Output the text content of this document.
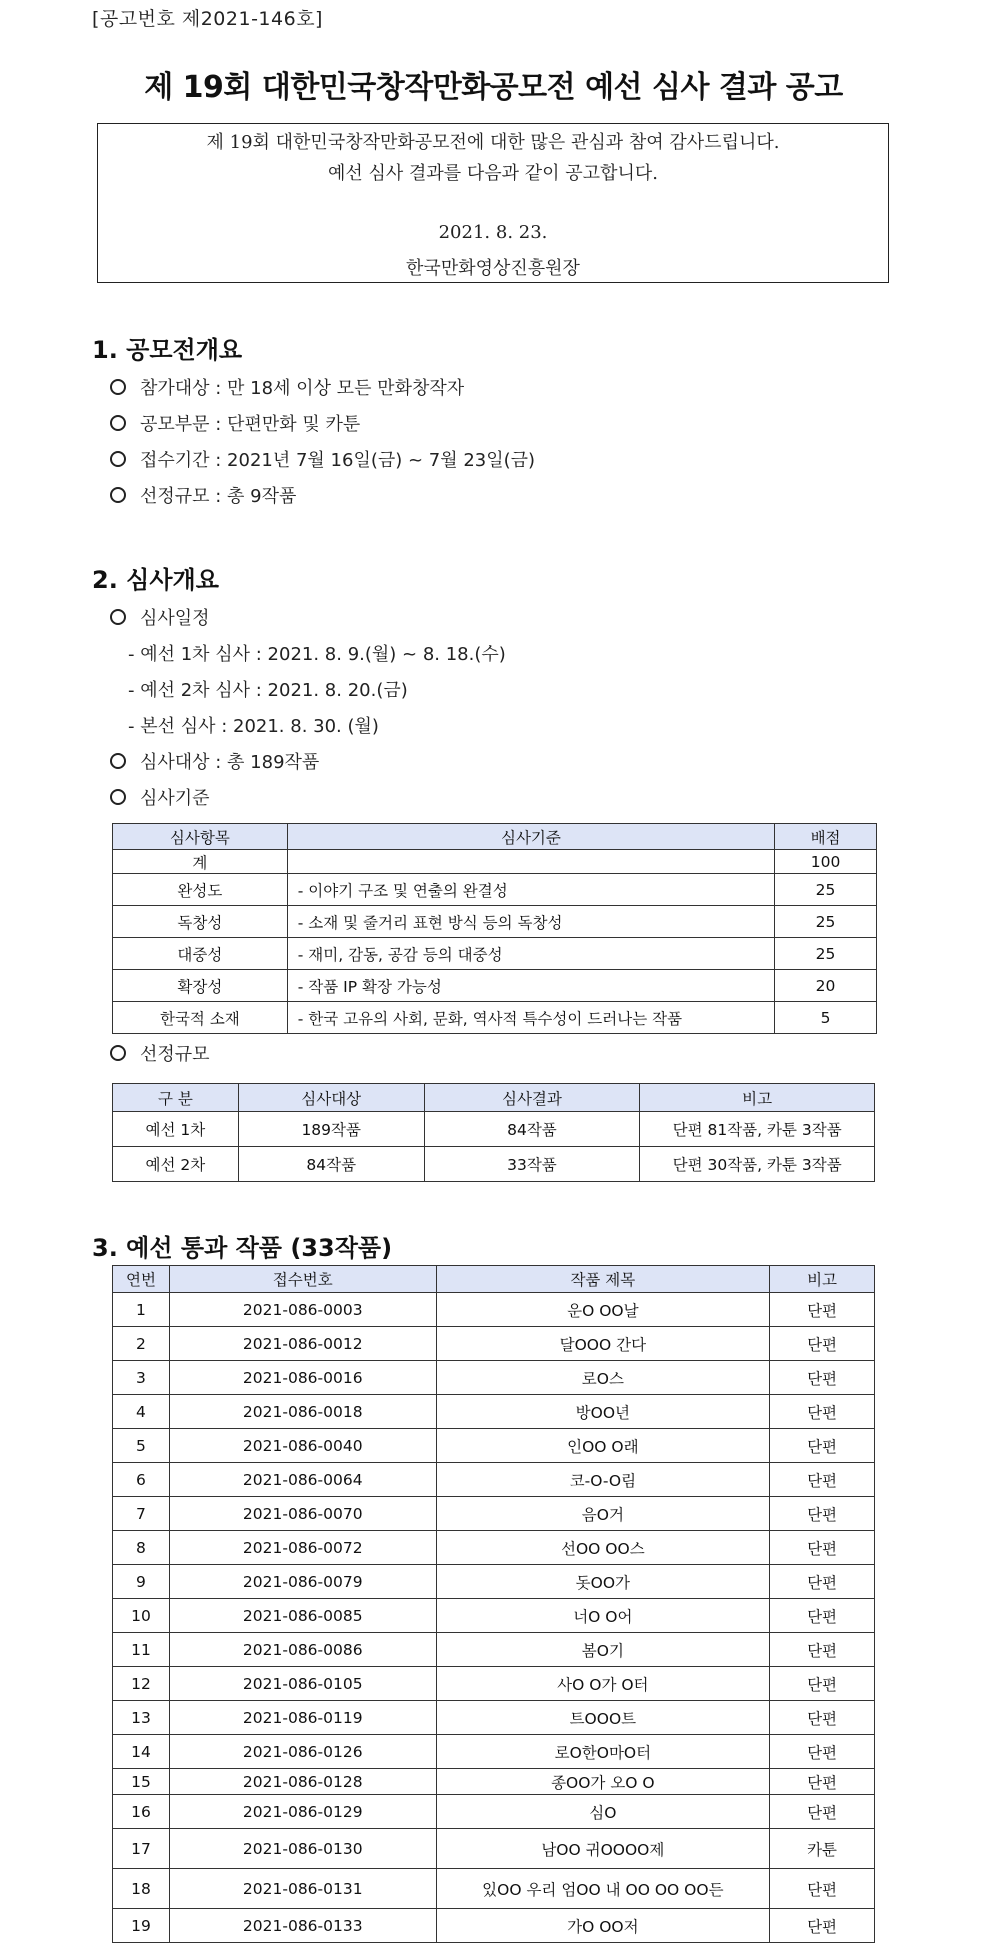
[공고번호 제2021-146호]
제 19회 대한민국창작만화공모전 예선 심사 결과 공고
제 19회 대한민국창작만화공모전에 대한 많은 관심과 참여 감사드립니다.
예선 심사 결과를 다음과 같이 공고합니다.
2021. 8. 23.
한국만화영상진흥원장
1. 공모전개요
참가대상 : 만 18세 이상 모든 만화창작자
공모부문 : 단편만화 및 카툰
접수기간 : 2021년 7월 16일(금) ~ 7월 23일(금)
선정규모 : 총 9작품
2. 심사개요
심사일정
- 예선 1차 심사 : 2021. 8. 9.(월) ~ 8. 18.(수)
- 예선 2차 심사 : 2021. 8. 20.(금)
- 본선 심사 : 2021. 8. 30. (월)
심사대상 : 총 189작품
심사기준
심사항목	심사기준	배점
계		100
완성도	- 이야기 구조 및 연출의 완결성	25
독창성	- 소재 및 줄거리 표현 방식 등의 독창성	25
대중성	- 재미, 감동, 공감 등의 대중성	25
확장성	- 작품 IP 확장 가능성	20
한국적 소재	- 한국 고유의 사회, 문화, 역사적 특수성이 드러나는 작품	5
선정규모
구 분	심사대상	심사결과	비고
예선 1차	189작품	84작품	단편 81작품, 카툰 3작품
예선 2차	84작품	33작품	단편 30작품, 카툰 3작품
3. 예선 통과 작품 (33작품)
연번	접수번호	작품 제목	비고
1	2021-086-0003	운O OO날	단편
2	2021-086-0012	달OOO 간다	단편
3	2021-086-0016	로O스	단편
4	2021-086-0018	방OO년	단편
5	2021-086-0040	인OO O래	단편
6	2021-086-0064	코-O-O림	단편
7	2021-086-0070	음O거	단편
8	2021-086-0072	선OO OO스	단편
9	2021-086-0079	돗OO가	단편
10	2021-086-0085	너O O어	단편
11	2021-086-0086	봄O기	단편
12	2021-086-0105	사O O가 O터	단편
13	2021-086-0119	트OOO트	단편
14	2021-086-0126	로O한O마O터	단편
15	2021-086-0128	종OO가 오O O	단편
16	2021-086-0129	심O	단편
17	2021-086-0130	남OO 귀OOOO제	카툰
18	2021-086-0131	있OO 우리 엄OO 내 OO OO OO든	단편
19	2021-086-0133	가O OO저	단편
